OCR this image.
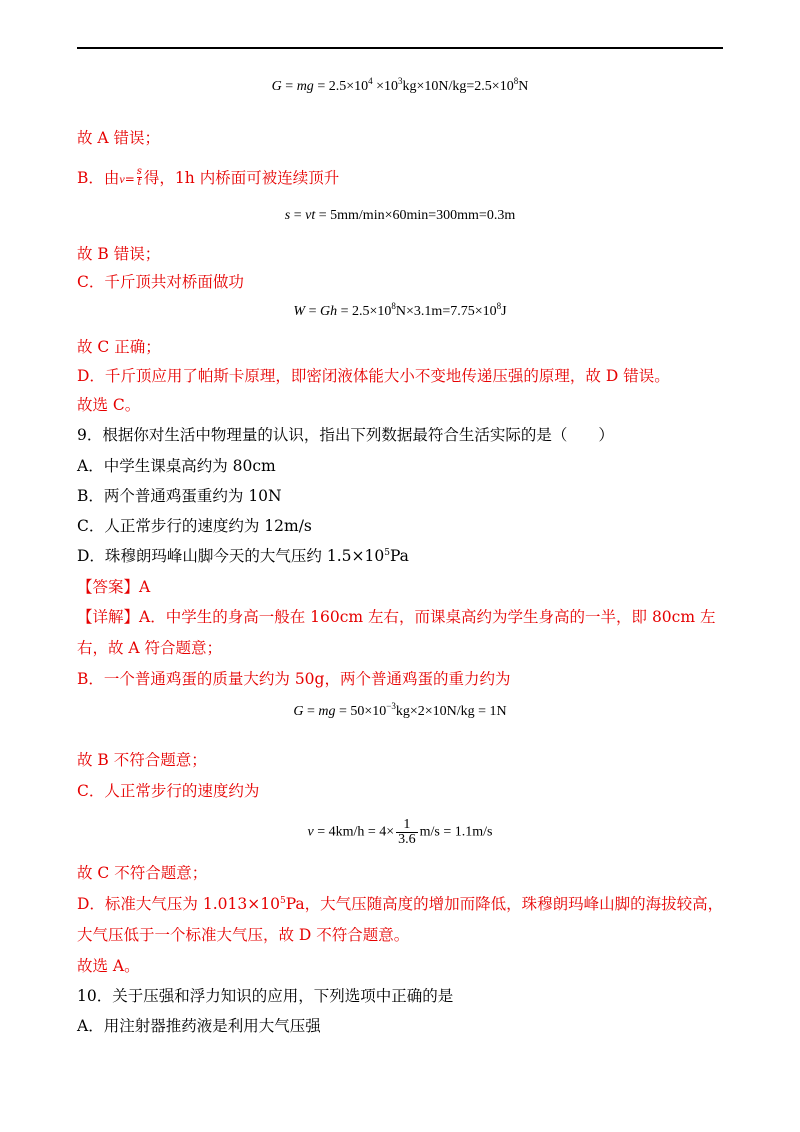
G = mg = $2.5\times 10^4 \times 10^3kg\times 10N/kg=2.5\times 10^8N$
故 A 错误；
B．由$v= \frac{s}{t}$ 得，1h 内桥面可被连续顶升
s = vt = 5mm/min×60min=300mm=0.3m
故 B 错误；
C．千斤顶共对桥面做功
$W = Gh = 2.5\times 10^8N\times 3.1m=7.75\times 10^8J$
故 C 正确；
D．千斤顶应用了帕斯卡原理，即密闭液体能大小不变地传递压强的原理，故 D 错误。
故选 C。
9．根据你对生活中物理量的认识，指出下列数据最符合生活实际的是（　　）
A．中学生课桌高约为 80cm
B．两个普通鸡蛋重约为 10N
C．人正常步行的速度约为 12m/s
D．珠穆朗玛峰山脚今天的大气压约 $1.5\times 10^5Pa$
【答案】A
【详解】A．中学生的身高一般在 160cm 左右，而课桌高约为学生身高的一半，即 80cm 左
右，故 A 符合题意；
B．一个普通鸡蛋的质量大约为 50g，两个普通鸡蛋的重力约为
G = mg = $50\times 10^{-3}kg\times 2\times 10N/kg = 1N$
故 B 不符合题意；
C．人正常步行的速度约为
$v = 4km/h = 4\times \frac{1}{3.6} m/s = 1.1m/s$
故 C 不符合题意；
D．标准大气压为 $1.013\times 10^5Pa$，大气压随高度的增加而降低，珠穆朗玛峰山脚的海拔较高，
大气压低于一个标准大气压，故 D 不符合题意。
故选 A。
10．关于压强和浮力知识的应用，下列选项中正确的是
A．用注射器推药液是利用大气压强
